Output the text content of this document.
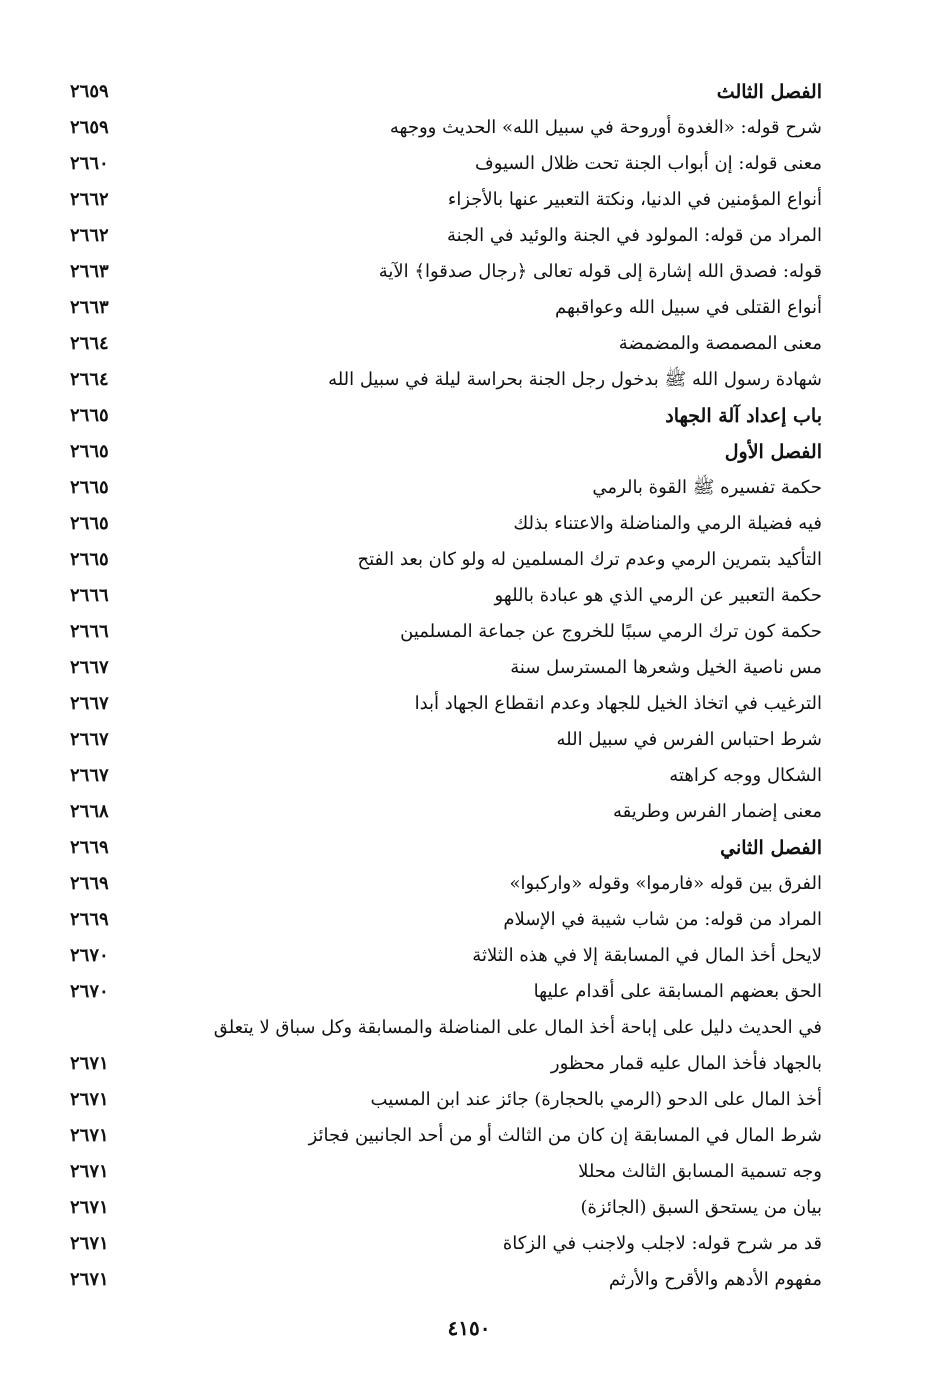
الفصل الثالث
٢٦٥٩
شرح قوله: «الغدوة أوروحة في سبيل الله» الحديث ووجهه
٢٦٥٩
معنى قوله: إن أبواب الجنة تحت ظلال السيوف
٢٦٦٠
أنواع المؤمنين في الدنيا، ونكتة التعبير عنها بالأجزاء
٢٦٦٢
المراد من قوله: المولود في الجنة والوئيد في الجنة
٢٦٦٢
قوله: فصدق الله إشارة إلى قوله تعالى ﴿رجال صدقوا﴾ الآية
٢٦٦٣
أنواع القتلى في سبيل الله وعواقبهم
٢٦٦٣
معنى المصمصة والمضمضة
٢٦٦٤
شهادة رسول الله ﷺ بدخول رجل الجنة بحراسة ليلة في سبيل الله
٢٦٦٤
باب إعداد آلة الجهاد
٢٦٦٥
الفصل الأول
٢٦٦٥
حكمة تفسيره ﷺ القوة بالرمي
٢٦٦٥
فيه فضيلة الرمي والمناضلة والاعتناء بذلك
٢٦٦٥
التأكيد بتمرين الرمي وعدم ترك المسلمين له ولو كان بعد الفتح
٢٦٦٥
حكمة التعبير عن الرمي الذي هو عبادة باللهو
٢٦٦٦
حكمة كون ترك الرمي سببًا للخروج عن جماعة المسلمين
٢٦٦٦
مس ناصية الخيل وشعرها المسترسل سنة
٢٦٦٧
الترغيب في اتخاذ الخيل للجهاد وعدم انقطاع الجهاد أبدا
٢٦٦٧
شرط احتباس الفرس في سبيل الله
٢٦٦٧
الشكال ووجه كراهته
٢٦٦٧
معنى إضمار الفرس وطريقه
٢٦٦٨
الفصل الثاني
٢٦٦٩
الفرق بين قوله «فارموا» وقوله «واركبوا»
٢٦٦٩
المراد من قوله: من شاب شيبة في الإسلام
٢٦٦٩
لايحل أخذ المال في المسابقة إلا في هذه الثلاثة
٢٦٧٠
الحق بعضهم المسابقة على أقدام عليها
٢٦٧٠
في الحديث دليل على إباحة أخذ المال على المناضلة والمسابقة وكل سباق لا يتعلق
بالجهاد فأخذ المال عليه قمار محظور
٢٦٧١
أخذ المال على الدحو (الرمي بالحجارة) جائز عند ابن المسيب
٢٦٧١
شرط المال في المسابقة إن كان من الثالث أو من أحد الجانبين فجائز
٢٦٧١
وجه تسمية المسابق الثالث محللا
٢٦٧١
بيان من يستحق السبق (الجائزة)
٢٦٧١
قد مر شرح قوله: لاجلب ولاجنب في الزكاة
٢٦٧١
مفهوم الأدهم والأقرح والأرثم
٢٦٧١
٤١٥٠
